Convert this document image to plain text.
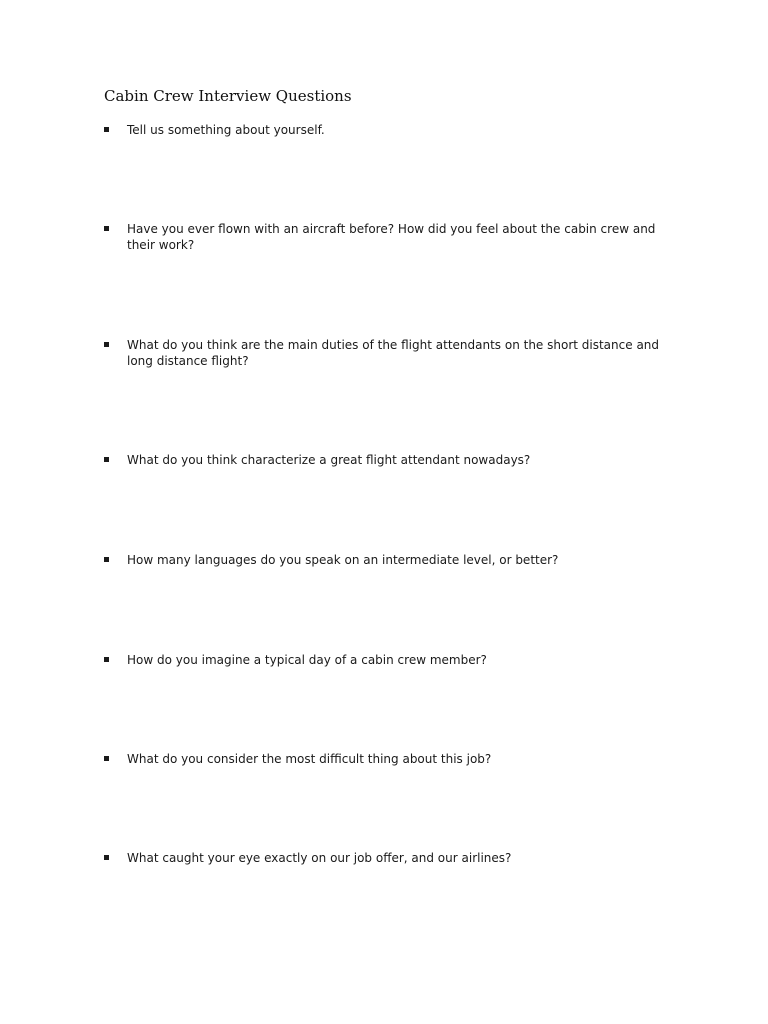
Cabin Crew Interview Questions
Tell us something about yourself.
Have you ever flown with an aircraft before? How did you feel about the cabin crew and their work?
What do you think are the main duties of the flight attendants on the short distance and long distance flight?
What do you think characterize a great flight attendant nowadays?
How many languages do you speak on an intermediate level, or better?
How do you imagine a typical day of a cabin crew member?
What do you consider the most difficult thing about this job?
What caught your eye exactly on our job offer, and our airlines?
